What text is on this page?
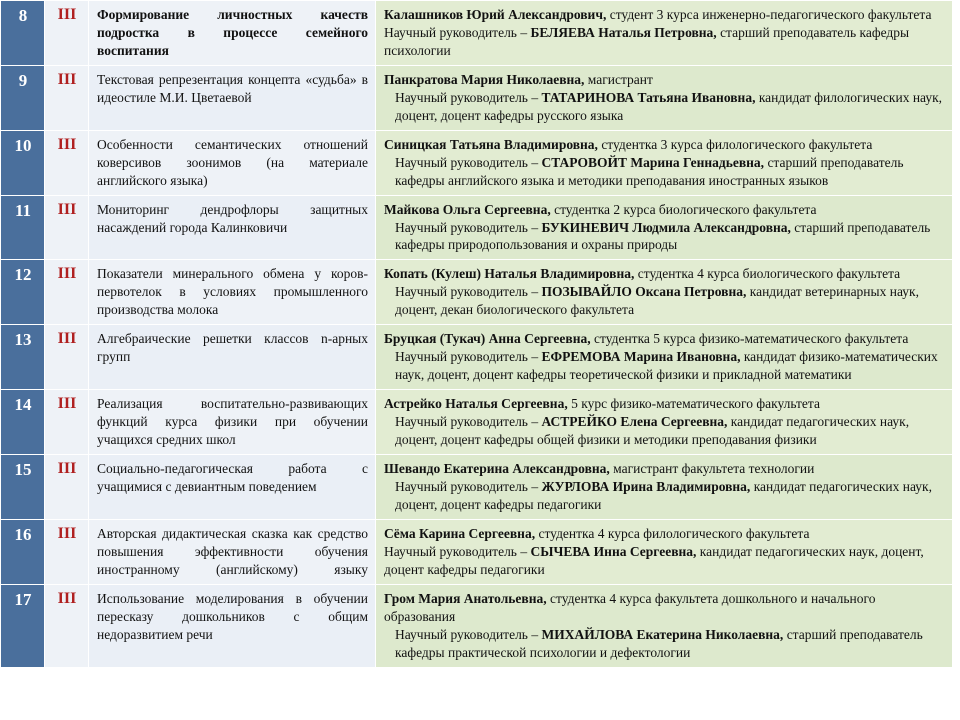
8	III	Формирование личностных качеств подростка в процессе семейного воспитания	Калашников Юрий Александрович, студент 3 курса инженерно-педагогического факультета Научный руководитель – БЕЛЯЕВА Наталья Петровна, старший преподаватель кафедры психологии
9	III	Текстовая репрезентация концепта «судьба» в идеостиле М.И. Цветаевой	Панкратова Мария Николаевна, магистрант
Научный руководитель – ТАТАРИНОВА Татьяна Ивановна, кандидат филологических наук, доцент, доцент кафедры русского языка

10	III	Особенности семантических отношений коверсивов зоонимов (на материале английского языка)	Синицкая Татьяна Владимировна, студентка 3 курса филологического факультета
Научный руководитель – СТАРОВОЙТ Марина Геннадьевна, старший преподаватель кафедры английского языка и методики преподавания иностранных языков

11	III	Мониторинг дендрофлоры защитных насаждений города Калинковичи	Майкова Ольга Сергеевна, студентка 2 курса биологического факультета
Научный руководитель – БУКИНЕВИЧ Людмила Александровна, старший преподаватель кафедры природопользования и охраны природы

12	III	Показатели минерального обмена у коров-первотелок в условиях промышленного производства молока	Копать (Кулеш) Наталья Владимировна, студентка 4 курса биологического факультета
Научный руководитель – ПОЗЫВАЙЛО Оксана Петровна, кандидат ветеринарных наук, доцент, декан биологического факультета

13	III	Алгебраические решетки классов n-арных групп	Бруцкая (Тукач) Анна Сергеевна, студентка 5 курса физико-математического факультета
Научный руководитель – ЕФРЕМОВА Марина Ивановна, кандидат физико-математических наук, доцент, доцент кафедры теоретической физики и прикладной математики

14	III	Реализация воспитательно-развивающих функций курса физики при обучении учащихся средних школ	Астрейко Наталья Сергеевна, 5 курс физико-математического факультета
Научный руководитель – АСТРЕЙКО Елена Сергеевна, кандидат педагогических наук, доцент, доцент кафедры общей физики и методики преподавания физики

15	III	Социально-педагогическая работа с учащимися с девиантным поведением	Шевандо Екатерина Александровна, магистрант факультета технологии
Научный руководитель – ЖУРЛОВА Ирина Владимировна, кандидат педагогических наук, доцент, доцент кафедры педагогики

16	III	Авторская дидактическая сказка как средство повышения эффективности обучения иностранному (английскому) языку	Сёма Карина Сергеевна, студентка 4 курса филологического факультета
Научный руководитель – СЫЧЕВА Инна Сергеевна, кандидат педагогических наук, доцент, доцент кафедры педагогики

17	III	Использование моделирования в обучении пересказу дошкольников с общим недоразвитием речи	Гром Мария Анатольевна, студентка 4 курса факультета дошкольного и начального образования
Научный руководитель – МИХАЙЛОВА Екатерина Николаевна, старший преподаватель кафедры практической психологии и дефектологии
